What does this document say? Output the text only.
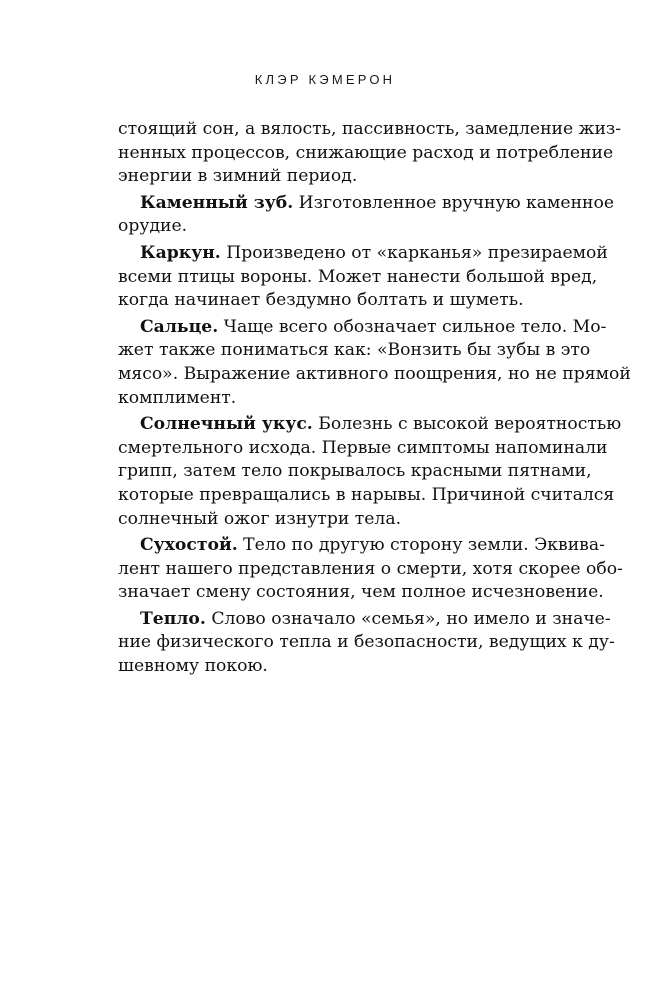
КЛЭР КЭМЕРОН
стоящий сон, а вялость, пассивность, замедление жиз-
ненных процессов, снижающие расход и потребление
энергии в зимний период.
Каменный зуб. Изготовленное вручную каменное
орудие.
Каркун. Произведено от «карканья» презираемой
всеми птицы вороны. Может нанести большой вред,
когда начинает бездумно болтать и шуметь.
Сальце. Чаще всего обозначает сильное тело. Мо-
жет также пониматься как: «Вонзить бы зубы в это
мясо». Выражение активного поощрения, но не прямой
комплимент.
Солнечный укус. Болезнь с высокой вероятностью
смертельного исхода. Первые симптомы напоминали
грипп, затем тело покрывалось красными пятнами,
которые превращались в нарывы. Причиной считался
солнечный ожог изнутри тела.
Сухостой. Тело по другую сторону земли. Эквива-
лент нашего представления о смерти, хотя скорее обо-
значает смену состояния, чем полное исчезновение.
Тепло. Слово означало «семья», но имело и значе-
ние физического тепла и безопасности, ведущих к ду-
шевному покою.
